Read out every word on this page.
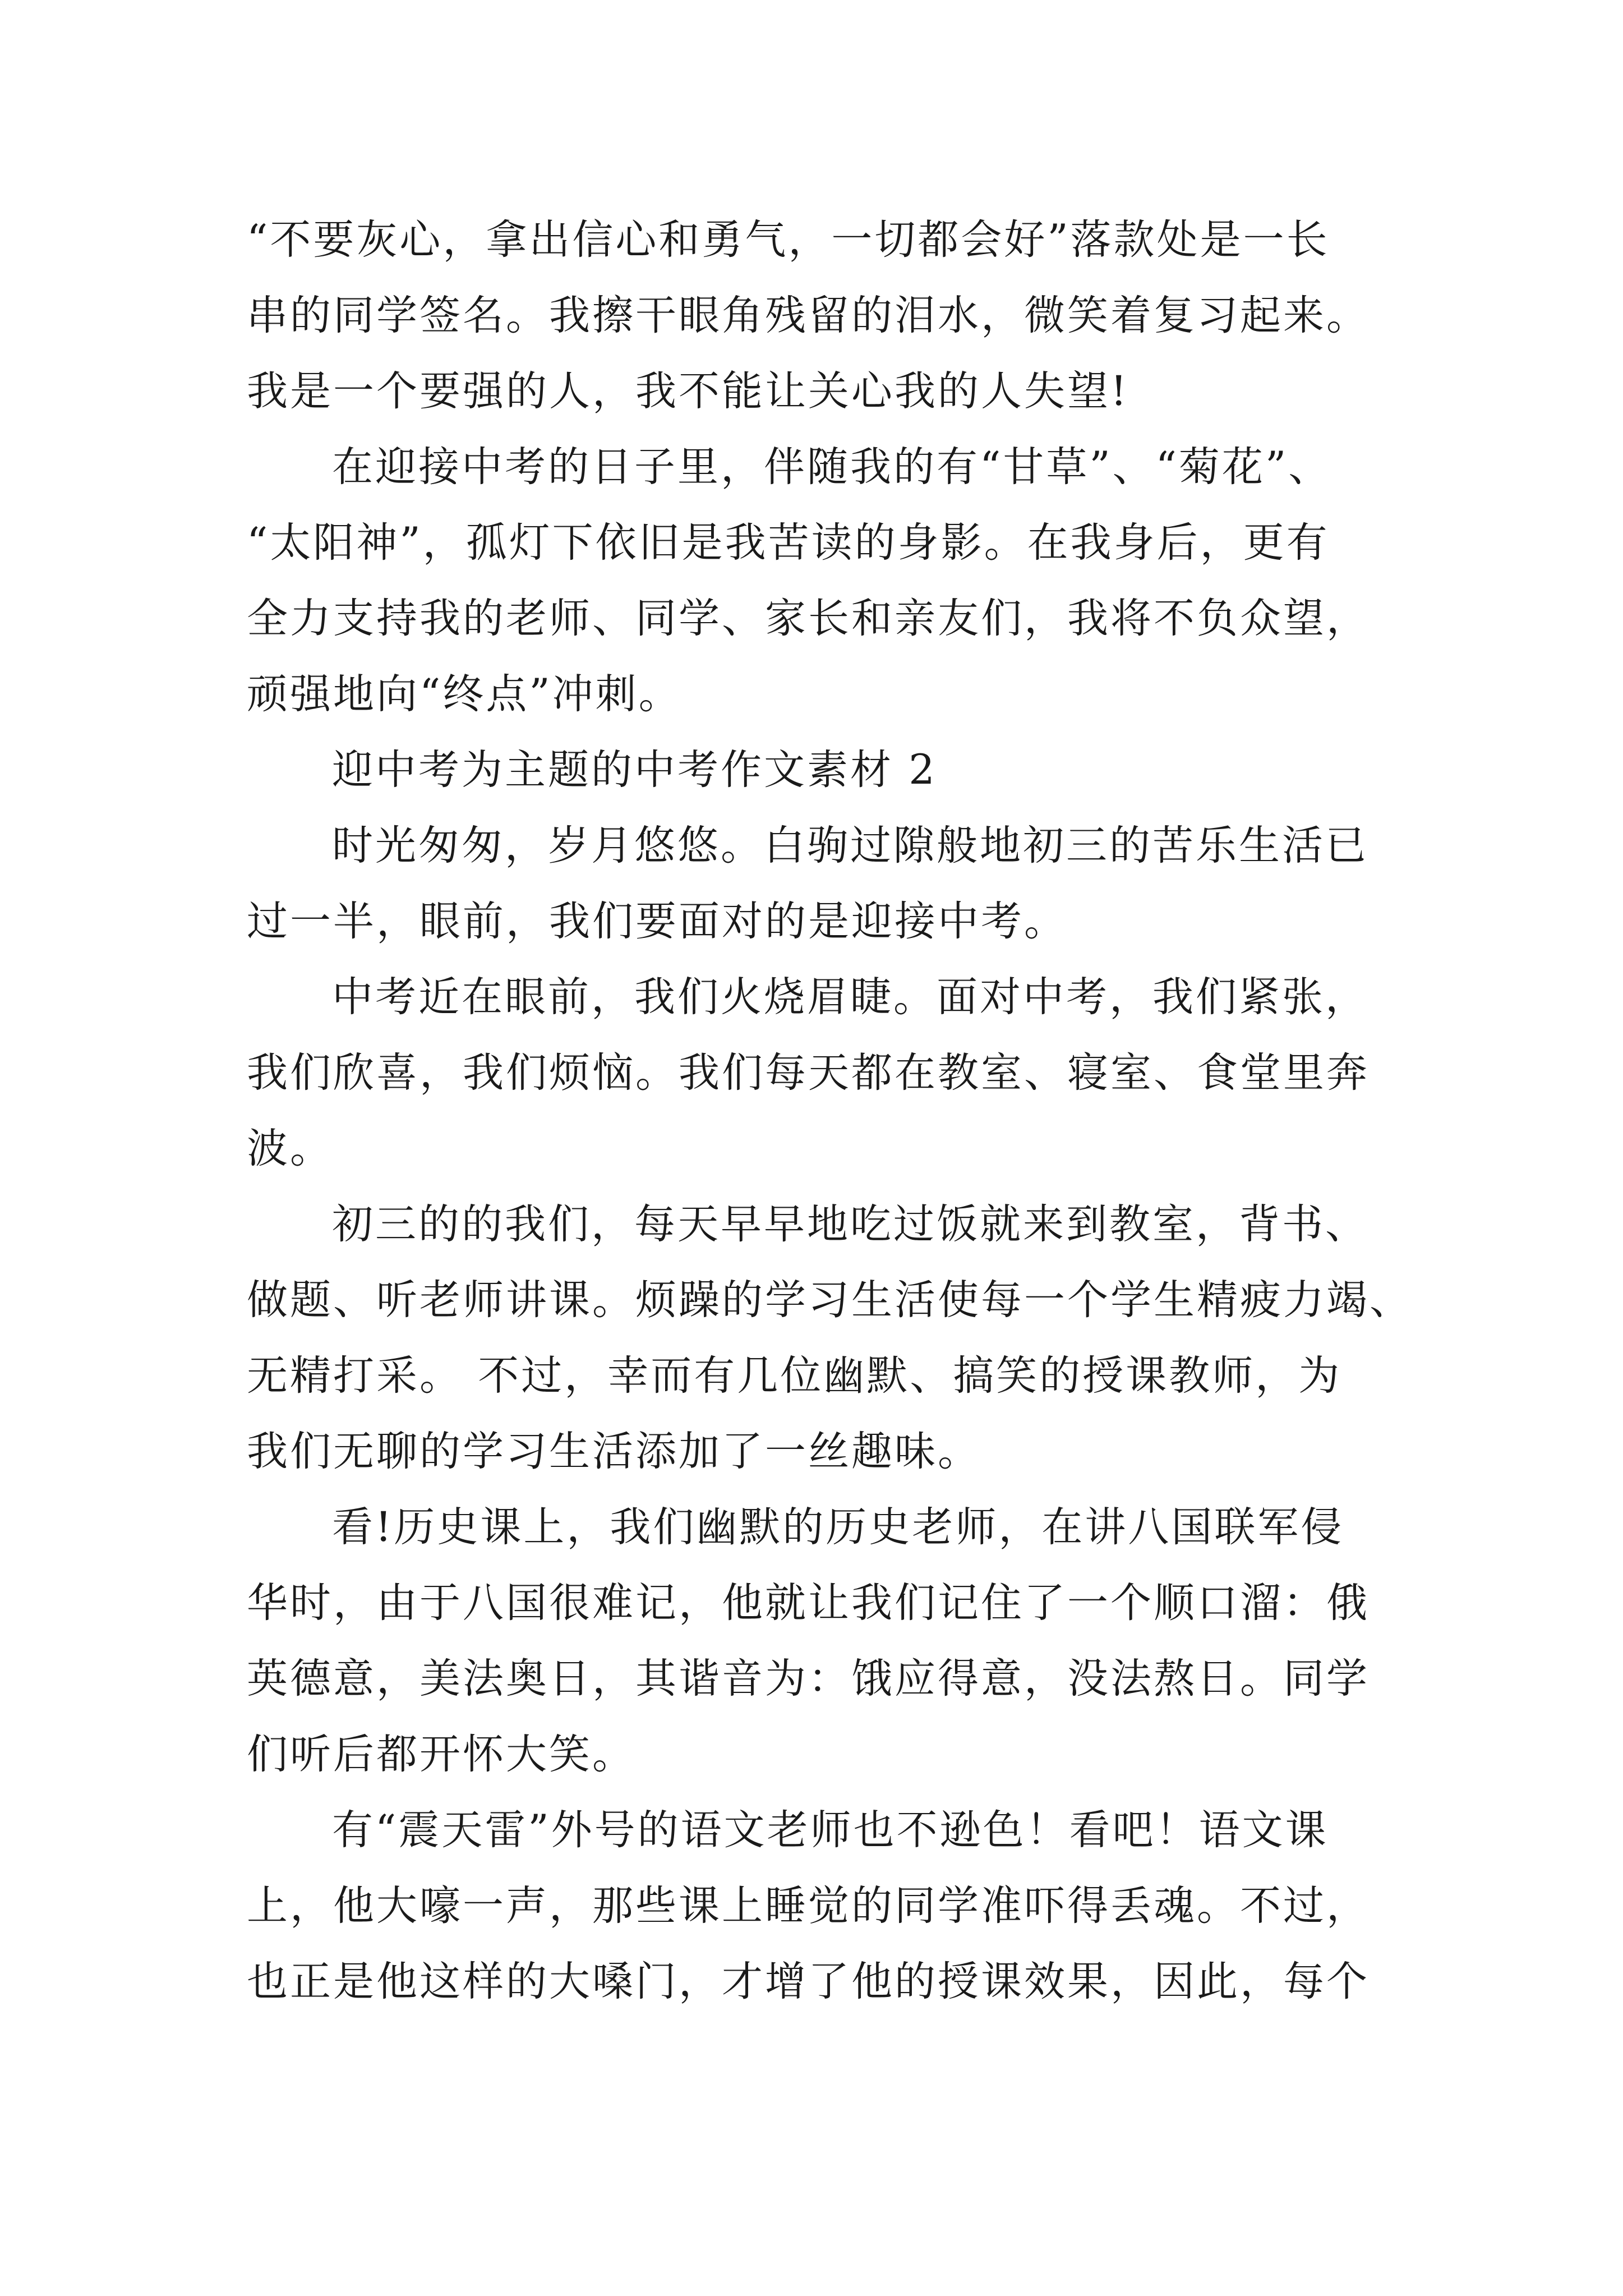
“不要灰心，拿出信心和勇气，一切都会好”落款处是一长
串的同学签名。我擦干眼角残留的泪水，微笑着复习起来。
我是一个要强的人，我不能让关心我的人失望!
在迎接中考的日子里，伴随我的有“甘草”、“菊花”、
“太阳神”，孤灯下依旧是我苦读的身影。在我身后，更有
全力支持我的老师、同学、家长和亲友们，我将不负众望，
顽强地向“终点”冲刺。
迎中考为主题的中考作文素材 2
时光匆匆，岁月悠悠。白驹过隙般地初三的苦乐生活已
过一半，眼前，我们要面对的是迎接中考。
中考近在眼前，我们火烧眉睫。面对中考，我们紧张，
我们欣喜，我们烦恼。我们每天都在教室、寝室、食堂里奔
波。
初三的的我们，每天早早地吃过饭就来到教室，背书、
做题、听老师讲课。烦躁的学习生活使每一个学生精疲力竭、
无精打采。 不过，幸而有几位幽默、搞笑的授课教师，为
我们无聊的学习生活添加了一丝趣味。
看!历史课上，我们幽默的历史老师，在讲八国联军侵
华时，由于八国很难记，他就让我们记住了一个顺口溜：俄
英德意，美法奥日，其谐音为：饿应得意，没法熬日。同学
们听后都开怀大笑。
有“震天雷”外号的语文老师也不逊色！看吧！语文课
上，他大嚎一声，那些课上睡觉的同学准吓得丢魂。不过，
也正是他这样的大嗓门，才增了他的授课效果，因此，每个
